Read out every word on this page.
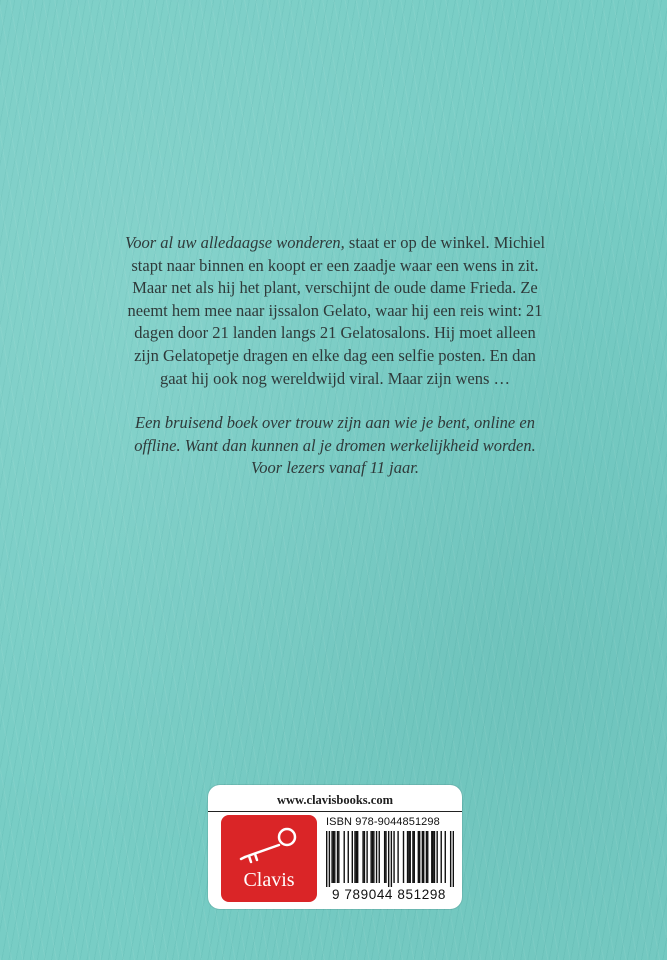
Voor al uw alledaagse wonderen, staat er op de winkel. Michiel stapt naar binnen en koopt er een zaadje waar een wens in zit. Maar net als hij het plant, verschijnt de oude dame Frieda. Ze neemt hem mee naar ijssalon Gelato, waar hij een reis wint: 21 dagen door 21 landen langs 21 Gelatosalons. Hij moet alleen zijn Gelatopetje dragen en elke dag een selfie posten. En dan gaat hij ook nog wereldwijd viral. Maar zijn wens …

Een bruisend boek over trouw zijn aan wie je bent, online en offline. Want dan kunnen al je dromen werkelijkheid worden. Voor lezers vanaf 11 jaar.

www.clavisbooks.com
Clavis
ISBN 978-9044851298
9 789044 851298
